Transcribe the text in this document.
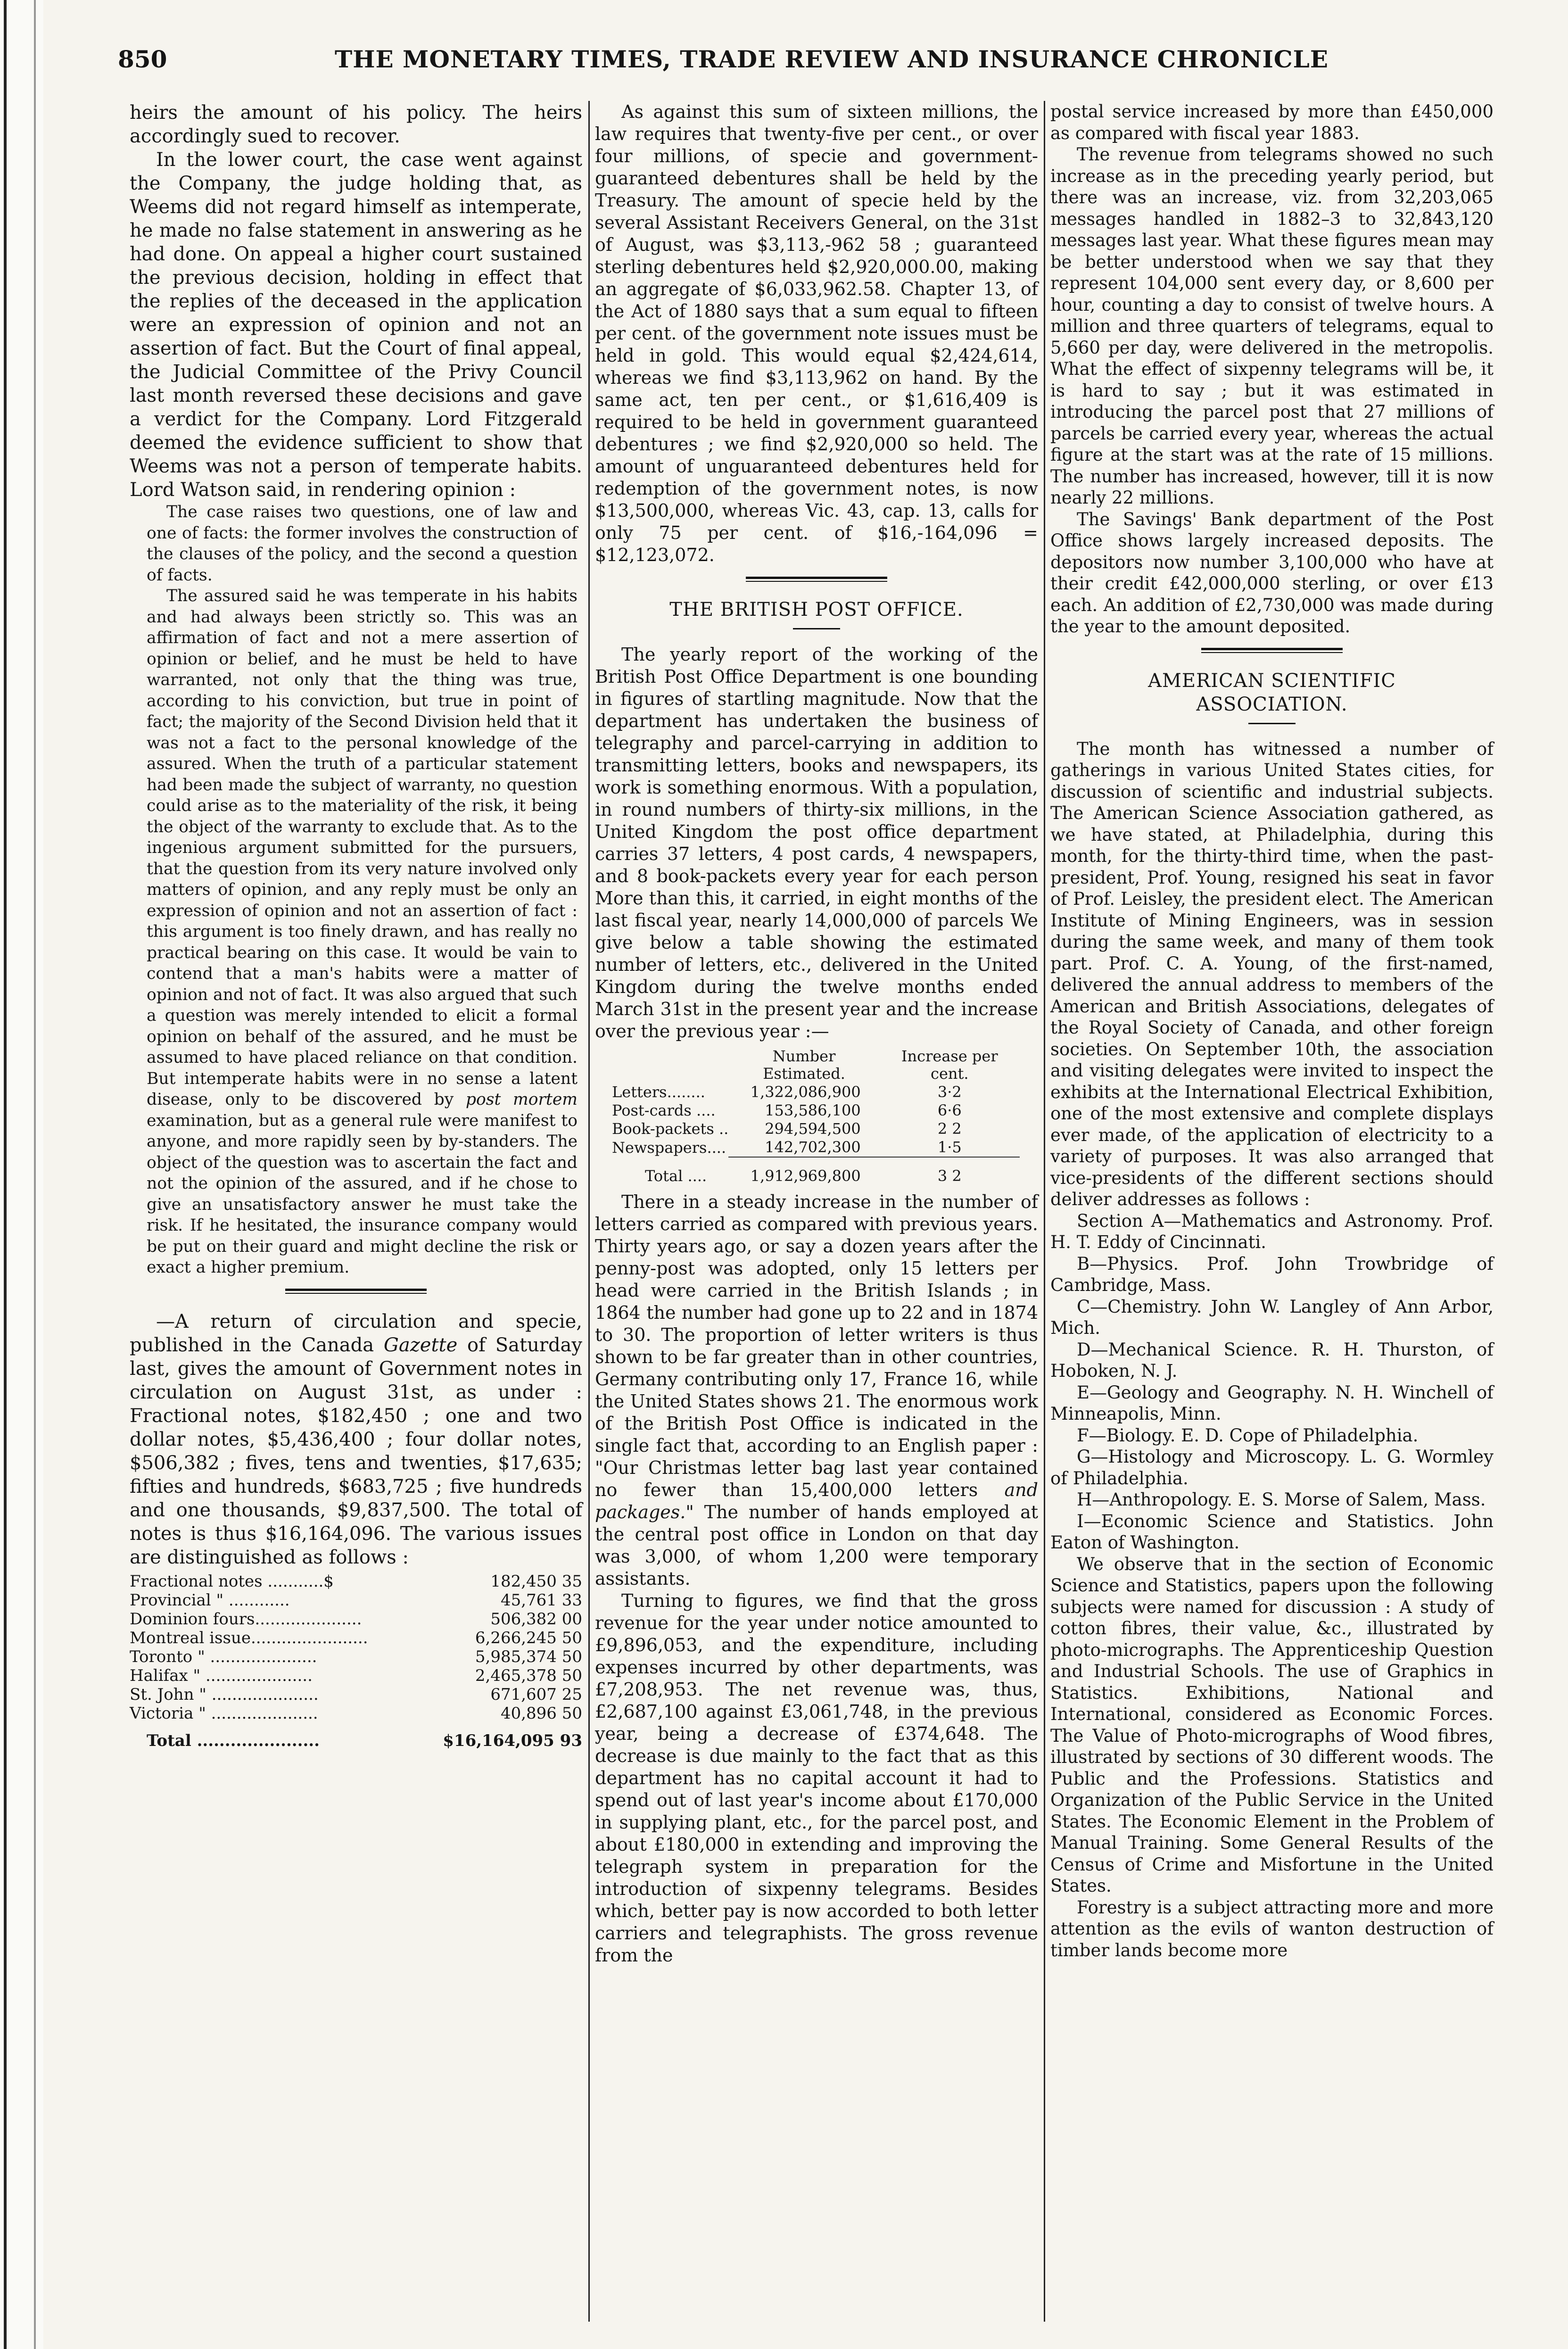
850	THE MONETARY TIMES, TRADE REVIEW AND INSURANCE CHRONICLE

heirs the amount of his policy. The heirs accordingly sued to recover.

In the lower court, the case went against the Company, the judge holding that, as Weems did not regard himself as intemperate, he made no false statement in answering as he had done. On appeal a higher court sustained the previous decision, holding in effect that the replies of the deceased in the application were an expression of opinion and not an assertion of fact. But the Court of final appeal, the Judicial Committee of the Privy Council last month reversed these decisions and gave a verdict for the Company. Lord Fitzgerald deemed the evidence sufficient to show that Weems was not a person of temperate habits. Lord Watson said, in rendering opinion :

The case raises two questions, one of law and one of facts: the former involves the construction of the clauses of the policy, and the second a question of facts.

The assured said he was temperate in his habits and had always been strictly so. This was an affirmation of fact and not a mere assertion of opinion or belief, and he must be held to have warranted, not only that the thing was true, according to his conviction, but true in point of fact; the majority of the Second Division held that it was not a fact to the personal knowledge of the assured. When the truth of a particular statement had been made the subject of warranty, no question could arise as to the materiality of the risk, it being the object of the warranty to exclude that. As to the ingenious argument submitted for the pursuers, that the question from its very nature involved only matters of opinion, and any reply must be only an expression of opinion and not an assertion of fact : this argument is too finely drawn, and has really no practical bearing on this case. It would be vain to contend that a man's habits were a matter of opinion and not of fact. It was also argued that such a question was merely intended to elicit a formal opinion on behalf of the assured, and he must be assumed to have placed reliance on that condition. But intemperate habits were in no sense a latent disease, only to be discovered by post mortem examination, but as a general rule were manifest to anyone, and more rapidly seen by by-standers. The object of the question was to ascertain the fact and not the opinion of the assured, and if he chose to give an unsatisfactory answer he must take the risk. If he hesitated, the insurance company would be put on their guard and might decline the risk or exact a higher premium.

—A return of circulation and specie, published in the Canada Gazette of Saturday last, gives the amount of Government notes in circulation on August 31st, as under : Fractional notes, $182,450 ; one and two dollar notes, $5,436,400 ; four dollar notes, $506,382 ; fives, tens and twenties, $17,635; fifties and hundreds, $683,725 ; five hundreds and one thousands, $9,837,500. The total of notes is thus $16,164,096. The various issues are distinguished as follows :

Fractional notes ...........$	182,450 35
Provincial " ............	45,761 33
Dominion fours.....................	506,382 00
Montreal issue.......................	6,266,245 50
Toronto " .....................	5,985,374 50
Halifax " .....................	2,465,378 50
St. John " .....................	671,607 25
Victoria " .....................	40,896 50
Total ......................	$16,164,095 93

As against this sum of sixteen millions, the law requires that twenty-five per cent., or over four millions, of specie and government-guaranteed debentures shall be held by the Treasury. The amount of specie held by the several Assistant Receivers General, on the 31st of August, was $3,113,-962 58 ; guaranteed sterling debentures held $2,920,000.00, making an aggregate of $6,033,962.58. Chapter 13, of the Act of 1880 says that a sum equal to fifteen per cent. of the government note issues must be held in gold. This would equal $2,424,614, whereas we find $3,113,962 on hand. By the same act, ten per cent., or $1,616,409 is required to be held in government guaranteed debentures ; we find $2,920,000 so held. The amount of unguaranteed debentures held for redemption of the government notes, is now $13,500,000, whereas Vic. 43, cap. 13, calls for only 75 per cent. of $16,-164,096 = $12,123,072.

THE BRITISH POST OFFICE.

The yearly report of the working of the British Post Office Department is one bounding in figures of startling magnitude. Now that the department has undertaken the business of telegraphy and parcel-carrying in addition to transmitting letters, books and newspapers, its work is something enormous. With a population, in round numbers of thirty-six millions, in the United Kingdom the post office department carries 37 letters, 4 post cards, 4 newspapers, and 8 book-packets every year for each person More than this, it carried, in eight months of the last fiscal year, nearly 14,000,000 of parcels We give below a table showing the estimated number of letters, etc., delivered in the United Kingdom during the twelve months ended March 31st in the present year and the increase over the previous year :—

	Number Estimated.	Increase per cent.
Letters........	1,322,086,900	3·2
Post-cards ....	153,586,100	6·6
Book-packets ..	294,594,500	2 2
Newspapers....	142,702,300	1·5

Total ....	1,912,969,800	3 2

There in a steady increase in the number of letters carried as compared with previous years. Thirty years ago, or say a dozen years after the penny-post was adopted, only 15 letters per head were carried in the British Islands ; in 1864 the number had gone up to 22 and in 1874 to 30. The proportion of letter writers is thus shown to be far greater than in other countries, Germany contributing only 17, France 16, while the United States shows 21. The enormous work of the British Post Office is indicated in the single fact that, according to an English paper : "Our Christmas letter bag last year contained no fewer than 15,400,000 letters and packages." The number of hands employed at the central post office in London on that day was 3,000, of whom 1,200 were temporary assistants.

Turning to figures, we find that the gross revenue for the year under notice amounted to £9,896,053, and the expenditure, including expenses incurred by other departments, was £7,208,953. The net revenue was, thus, £2,687,100 against £3,061,748, in the previous year, being a decrease of £374,648. The decrease is due mainly to the fact that as this department has no capital account it had to spend out of last year's income about £170,000 in supplying plant, etc., for the parcel post, and about £180,000 in extending and improving the telegraph system in preparation for the introduction of sixpenny telegrams. Besides which, better pay is now accorded to both letter carriers and telegraphists. The gross revenue from the

postal service increased by more than £450,000 as compared with fiscal year 1883.

The revenue from telegrams showed no such increase as in the preceding yearly period, but there was an increase, viz. from 32,203,065 messages handled in 1882–3 to 32,843,120 messages last year. What these figures mean may be better understood when we say that they represent 104,000 sent every day, or 8,600 per hour, counting a day to consist of twelve hours. A million and three quarters of telegrams, equal to 5,660 per day, were delivered in the metropolis. What the effect of sixpenny telegrams will be, it is hard to say ; but it was estimated in introducing the parcel post that 27 millions of parcels be carried every year, whereas the actual figure at the start was at the rate of 15 millions. The number has increased, however, till it is now nearly 22 millions.

The Savings' Bank department of the Post Office shows largely increased deposits. The depositors now number 3,100,000 who have at their credit £42,000,000 sterling, or over £13 each. An addition of £2,730,000 was made during the year to the amount deposited.

AMERICAN SCIENTIFIC ASSOCIATION.

The month has witnessed a number of gatherings in various United States cities, for discussion of scientific and industrial subjects. The American Science Association gathered, as we have stated, at Philadelphia, during this month, for the thirty-third time, when the past-president, Prof. Young, resigned his seat in favor of Prof. Leisley, the president elect. The American Institute of Mining Engineers, was in session during the same week, and many of them took part. Prof. C. A. Young, of the first-named, delivered the annual address to members of the American and British Associations, delegates of the Royal Society of Canada, and other foreign societies. On September 10th, the association and visiting delegates were invited to inspect the exhibits at the International Electrical Exhibition, one of the most extensive and complete displays ever made, of the application of electricity to a variety of purposes. It was also arranged that vice-presidents of the different sections should deliver addresses as follows :

Section A—Mathematics and Astronomy. Prof. H. T. Eddy of Cincinnati.

B—Physics. Prof. John Trowbridge of Cambridge, Mass.

C—Chemistry. John W. Langley of Ann Arbor, Mich.

D—Mechanical Science. R. H. Thurston, of Hoboken, N. J.

E—Geology and Geography. N. H. Winchell of Minneapolis, Minn.

F—Biology. E. D. Cope of Philadelphia.

G—Histology and Microscopy. L. G. Wormley of Philadelphia.

H—Anthropology. E. S. Morse of Salem, Mass.

I—Economic Science and Statistics. John Eaton of Washington.

We observe that in the section of Economic Science and Statistics, papers upon the following subjects were named for discussion : A study of cotton fibres, their value, &c., illustrated by photo-micrographs. The Apprenticeship Question and Industrial Schools. The use of Graphics in Statistics. Exhibitions, National and International, considered as Economic Forces. The Value of Photo-micrographs of Wood fibres, illustrated by sections of 30 different woods. The Public and the Professions. Statistics and Organization of the Public Service in the United States. The Economic Element in the Problem of Manual Training. Some General Results of the Census of Crime and Misfortune in the United States.

Forestry is a subject attracting more and more attention as the evils of wanton destruction of timber lands become more
